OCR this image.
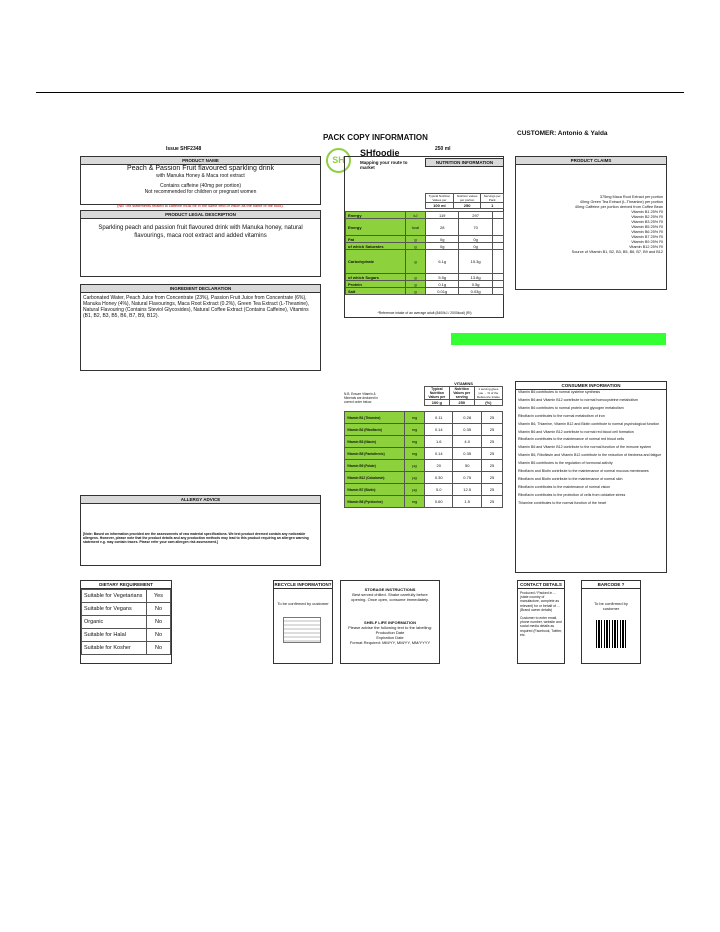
PACK COPY INFORMATION	CUSTOMER: Antonio & Yalda
Issue SHF2348	250 ml
SH
SHfoodie
Mapping your route to market
PRODUCT NAME
Peach & Passion Fruit flavoured sparkling drink
with Manuka Honey & Maca root extract
Contains caffeine (40mg per portion)
Not recommended for children or pregnant women
(NB The statements related to caffeine must be in the same field of vision as the name of the food).
PRODUCT LEGAL DESCRIPTION
Sparkling peach and passion fruit flavoured drink with Manuka honey, natural flavourings, maca root extract and added vitamins
INGREDIENT DECLARATION
Carbonated Water, Peach Juice from Concentrate (23%), Passion Fruit Juice from Concentrate (6%), Manuka Honey (4%), Natural Flavourings, Maca Root Extract (0.2%), Green Tea Extract (L-Theanine), Natural Flavouring (Contains Steviol Glycosides), Natural Coffee Extract (Contains Caffeine), Vitamins (B1, B2, B3, B5, B6, B7, B9, B12).
ALLERGY ADVICE
[Note: Based on information provided are the assessments of raw material specifications. We test product deemed contain any noticeable allergens. However, please note that the product details and any production methods may lead to this product requiring an allergen warning statement e.g. may contain traces. Please refer your own allergen risk assessment.]
NUTRITION INFORMATION
Typical Nutrition Values per	Nutrition values per portion	Servings per Pack
100 ml	250	1
Energy	kJ	119	297	
Energy	kcal	28	70	
Fat	g	0g	0g	
of which Saturates	g	0g	0g	
Carbohydrate	g	6.1g	15.3g	
of which Sugars	g	5.5g	13.8g	
Protein	g	0.1g	0.5g	
Salt	g	0.01g	0.03g	
*Reference intake of an average adult (8400kJ / 2000kcal) (RI)
PRODUCT CLAIMS
375mg Maca Root Extract per portion
40mg Green Tea Extract (L-Theanine) per portion
40mg Caffeine per portion derived from Coffee Bean
Vitamin B1 25% RI
Vitamin B2 25% RI
Vitamin B3 25% RI
Vitamin B5 25% RI
Vitamin B6 25% RI
Vitamin B7 25% RI
Vitamin B9 25% RI
Vitamin B12 25% RI
Source of Vitamin B1, B2, B3, B5, B6, B7, B9 and B12
N.B. Ensure Vitamin & Minerals are declared in correct order below
VITAMINS
Typical Nutrition Values per	Nutrition Values per serving	1 serving gives you ... % of the Reference Intake
100 g	250	(%)
Vitamin B1 (Thiamine)	mg	0.11	0.28	25
Vitamin B2 (Riboflavin)	mg	0.14	0.35	25
Vitamin B3 (Niacin)	mg	1.6	4.0	25
Vitamin B5 (Pantothenic)	mg	0.14	0.35	25
Vitamin B9 (Folate)	µg	20	50	25
Vitamin B12 (Cobalamin)	µg	0.30	0.75	25
Vitamin B7 (Biotin)	µg	5.0	12.5	25
Vitamin B6 (Pyridoxine)	mg	0.60	1.5	25
CONSUMER INFORMATION
Vitamin B6 contributes to normal cysteine synthesis
Vitamin B6 and Vitamin B12 contribute to normal homocysteine metabolism
Vitamin B6 contributes to normal protein and glycogen metabolism
Riboflavin contributes to the normal metabolism of iron
Vitamin B6, Thiamine, Vitamin B12 and Biotin contribute to normal psychological function
Vitamin B6 and Vitamin B12 contribute to normal red blood cell formation
Riboflavin contributes to the maintenance of normal red blood cells
Vitamin B6 and Vitamin B12 contribute to the normal function of the immune system
Vitamin B6, Riboflavin and Vitamin B12 contribute to the reduction of tiredness and fatigue
Vitamin B6 contributes to the regulation of hormonal activity
Riboflavin and Biotin contribute to the maintenance of normal mucous membranes
Riboflavin and Biotin contribute to the maintenance of normal skin
Riboflavin contributes to the maintenance of normal vision
Riboflavin contributes to the protection of cells from oxidative stress
Thiamine contributes to the normal function of the heart
DIETARY REQUIREMENT
Suitable for Vegetarians	Yes
Suitable for Vegans	No
Organic	No
Suitable for Halal	No
Suitable for Kosher	No
RECYCLE INFORMATION?
To be confirmed by customer
STORAGE INSTRUCTIONS
Best served chilled. Shake carefully before opening. Once open, consume immediately.
SHELF LIFE INFORMATION
Please advise the following text to the labelling:
Production Date
Expiration Date
Format Required: MM/YY, MM/YY, MM/YYYY
CONTACT DETAILS
Produced / Packed in ... (state country of manufacture, complete as relevant) for or behalf of ... (Brand owner details)
Customer to enter email, phone number, website and social media details as required (Facebook, Twitter, etc.
BARCODE ?
To be confirmed by customer
